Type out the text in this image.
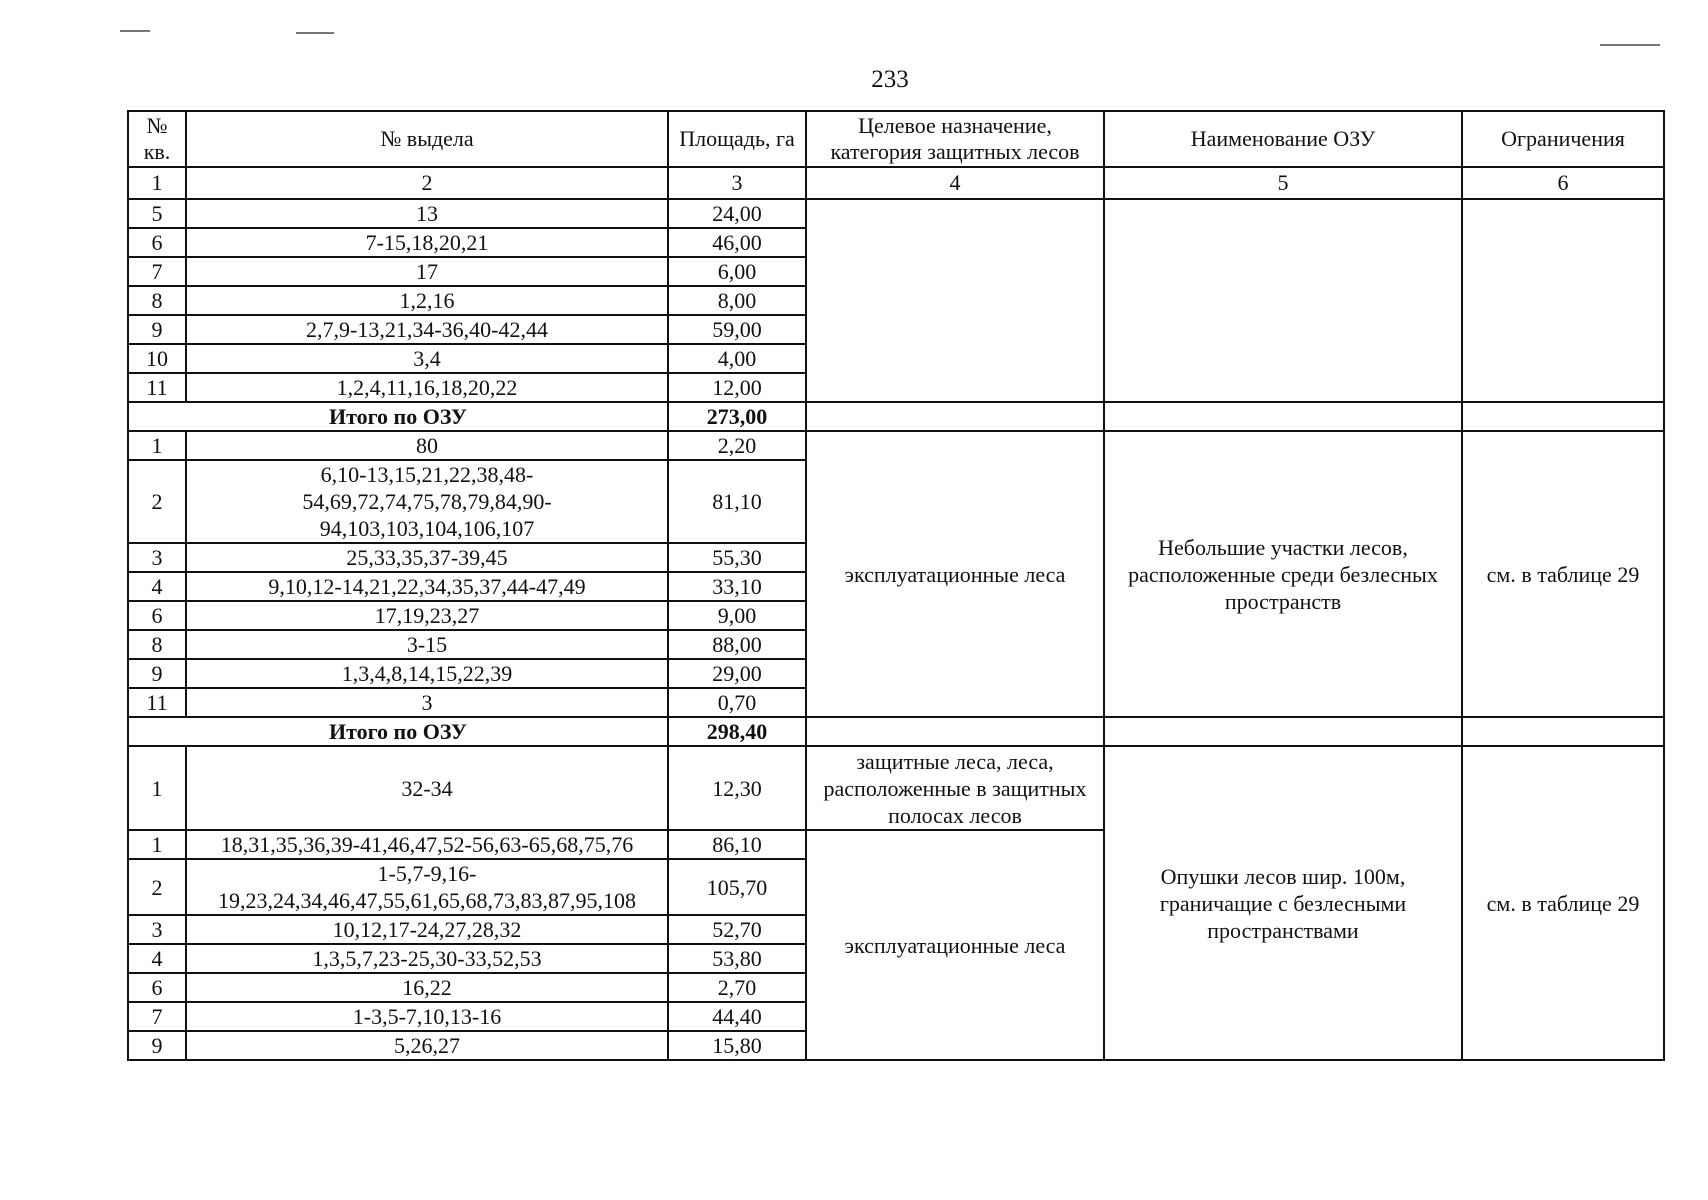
233
№ кв.	№ выдела	Площадь, га	Целевое назначение, категория защитных лесов	Наименование ОЗУ	Ограничения
1	2	3	4	5	6
5	13	24,00			
6	7-15,18,20,21	46,00			
7	17	6,00			
8	1,2,16	8,00			
9	2,7,9-13,21,34-36,40-42,44	59,00			
10	3,4	4,00			
11	1,2,4,11,16,18,20,22	12,00			
Итого по ОЗУ		273,00			
1	80	2,20	эксплуатационные леса	Небольшие участки лесов, расположенные среди безлесных пространств	см. в таблице 29
2	6,10-13,15,21,22,38,48-54,69,72,74,75,78,79,84,90-94,103,103,104,106,107	81,10			
3	25,33,35,37-39,45	55,30			
4	9,10,12-14,21,22,34,35,37,44-47,49	33,10			
6	17,19,23,27	9,00			
8	3-15	88,00			
9	1,3,4,8,14,15,22,39	29,00			
11	3	0,70			
Итого по ОЗУ		298,40			
1	32-34	12,30	защитные леса, леса, расположенные в защитных полосах лесов	Опушки лесов шир. 100м, граничащие с безлесными пространствами	см. в таблице 29
1	18,31,35,36,39-41,46,47,52-56,63-65,68,75,76	86,10	эксплуатационные леса		
2	1-5,7-9,16-19,23,24,34,46,47,55,61,65,68,73,83,87,95,108	105,70			
3	10,12,17-24,27,28,32	52,70			
4	1,3,5,7,23-25,30-33,52,53	53,80			
6	16,22	2,70			
7	1-3,5-7,10,13-16	44,40			
9	5,26,27	15,80			
